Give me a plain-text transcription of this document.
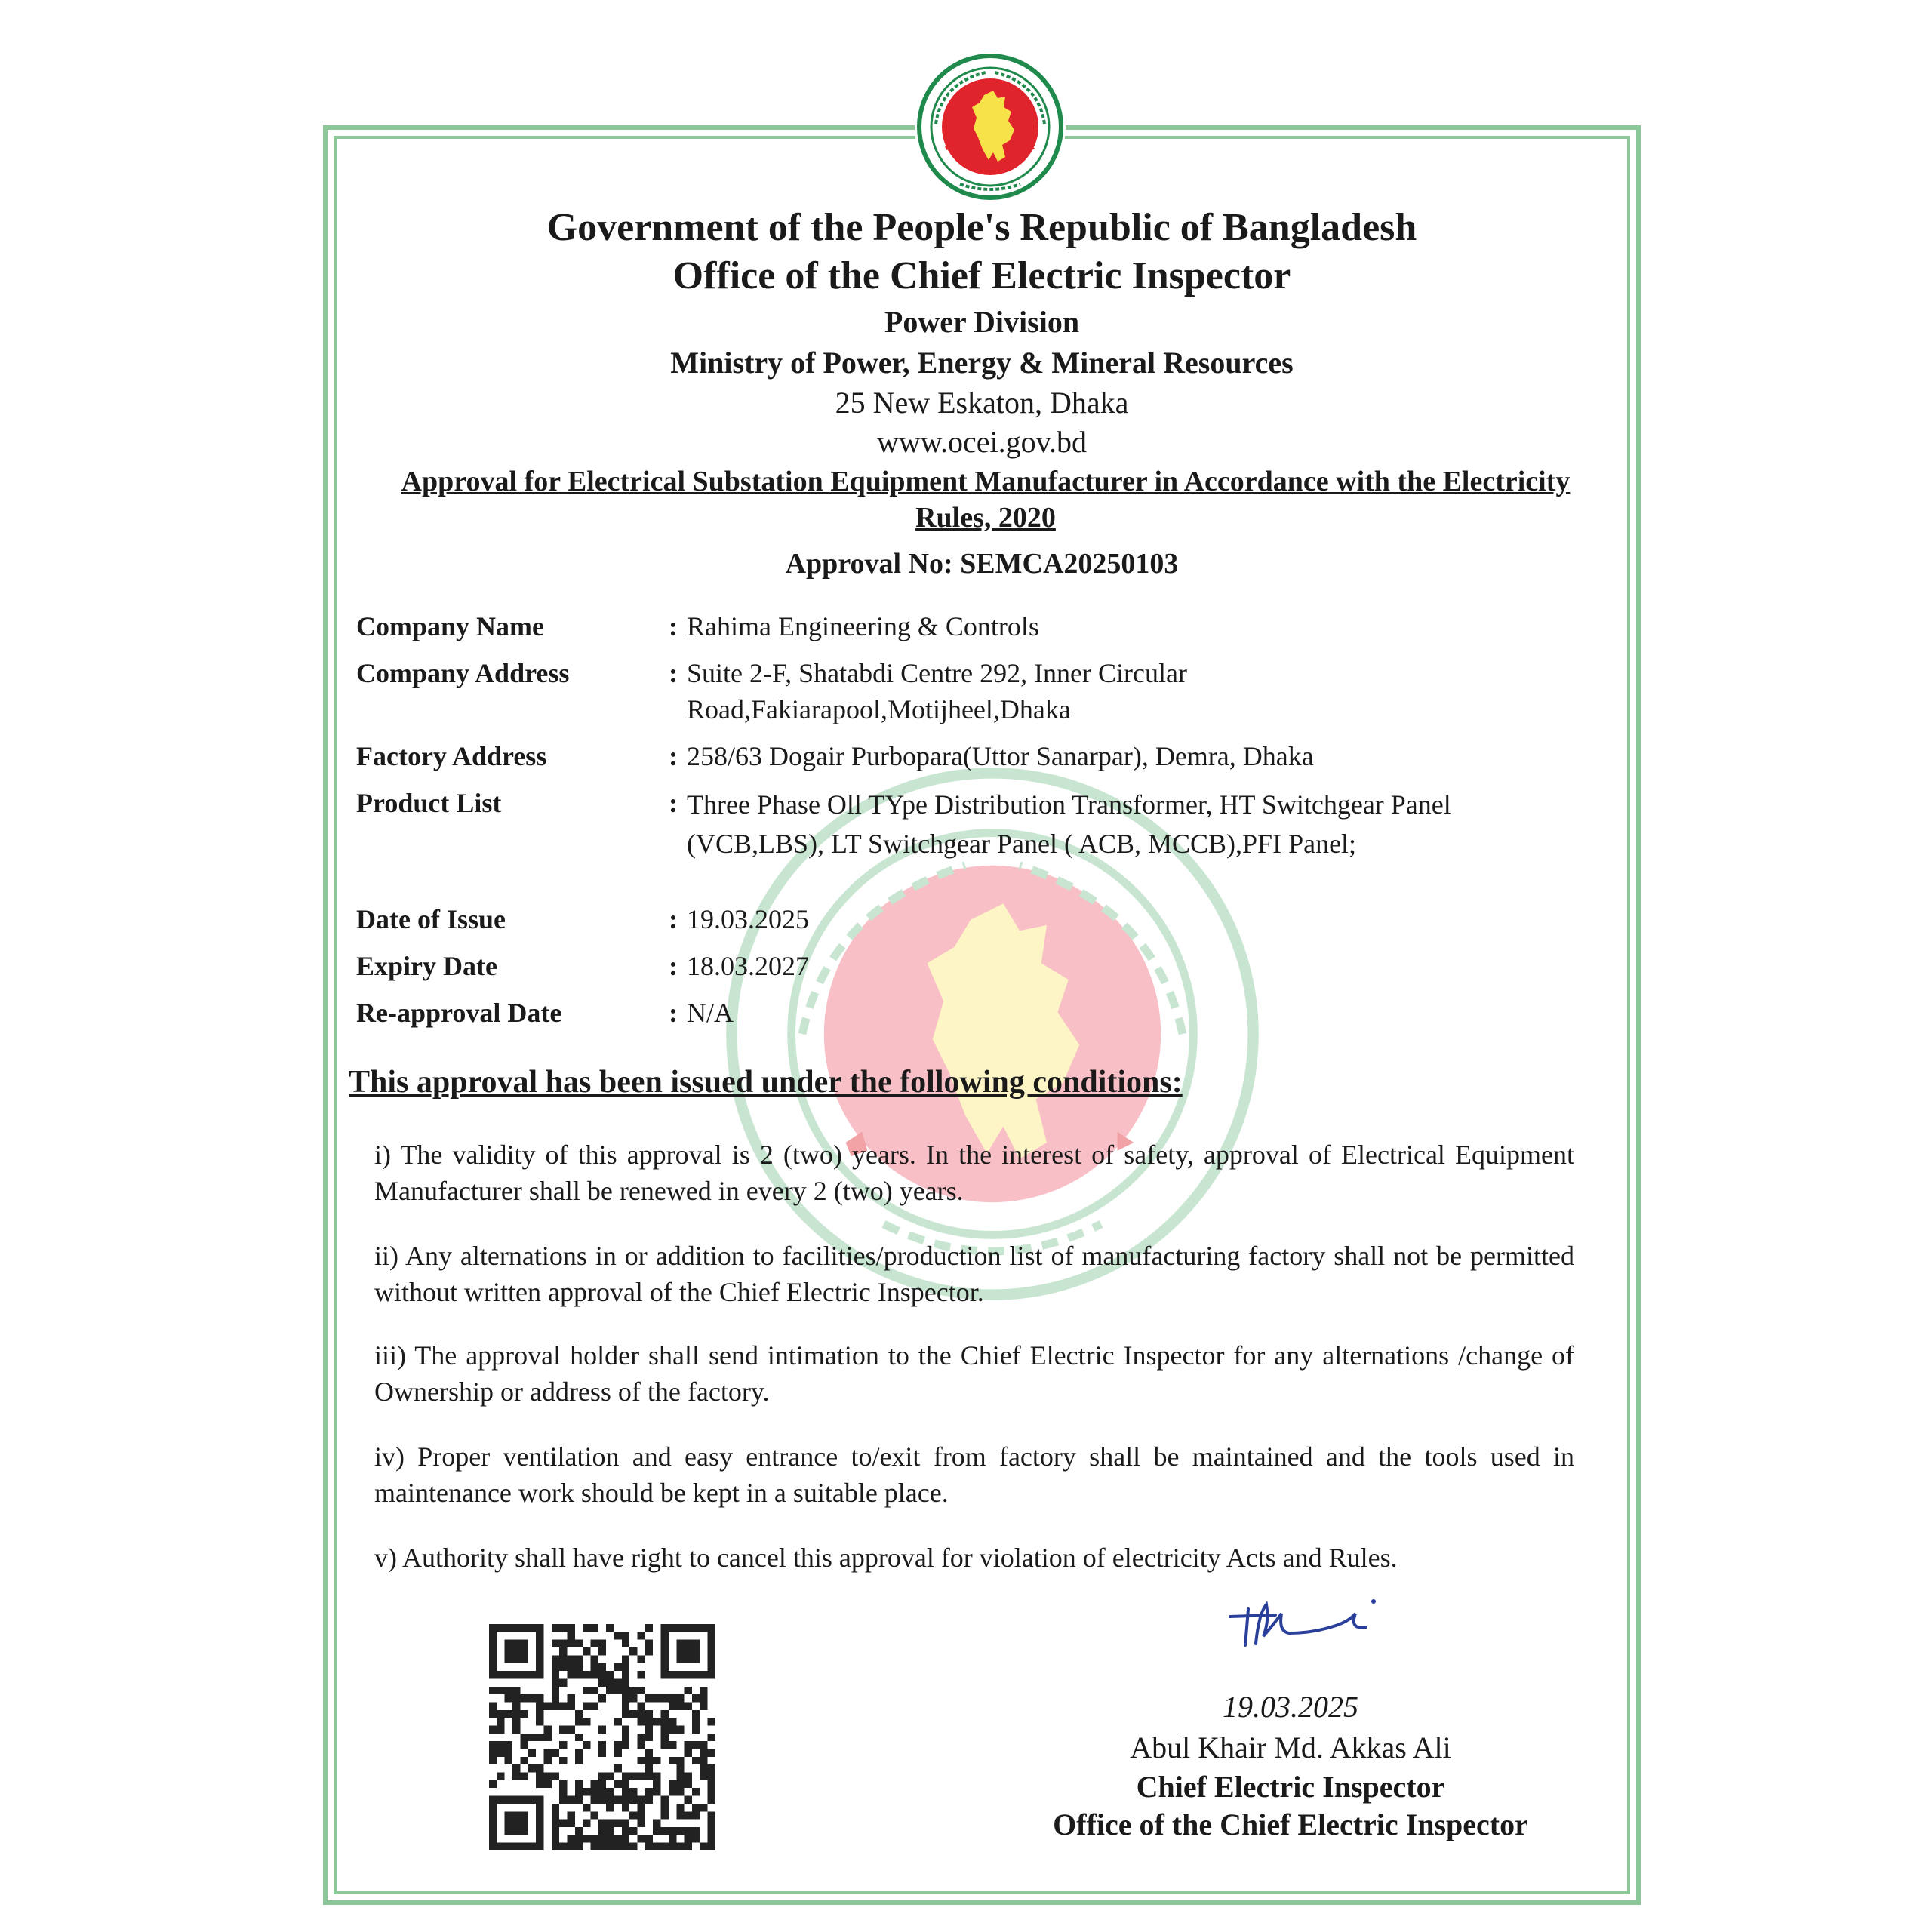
Government of the People's Republic of Bangladesh
Office of the Chief Electric Inspector
Power Division
Ministry of Power, Energy & Mineral Resources
25 New Eskaton, Dhaka
www.ocei.gov.bd
Approval for Electrical Substation Equipment Manufacturer in Accordance with the Electricity Rules, 2020
Approval No: SEMCA20250103
Company Name	: Rahima Engineering & Controls
Company Address	: Suite 2-F, Shatabdi Centre 292, Inner Circular Road,Fakiarapool,Motijheel,Dhaka
Factory Address	: 258/63 Dogair Purbopara(Uttor Sanarpar), Demra, Dhaka
Product List	: Three Phase Oll TYpe Distribution Transformer, HT Switchgear Panel (VCB,LBS), LT Switchgear Panel ( ACB, MCCB),PFI Panel;
Date of Issue	: 19.03.2025
Expiry Date	: 18.03.2027
Re-approval Date	: N/A
This approval has been issued under the following conditions:
i) The validity of this approval is 2 (two) years. In the interest of safety, approval of Electrical Equipment Manufacturer shall be renewed in every 2 (two) years.
ii) Any alternations in or addition to facilities/production list of manufacturing factory shall not be permitted without written approval of the Chief Electric Inspector.
iii) The approval holder shall send intimation to the Chief Electric Inspector for any alternations /change of Ownership or address of the factory.
iv) Proper ventilation and easy entrance to/exit from factory shall be maintained and the tools used in maintenance work should be kept in a suitable place.
v) Authority shall have right to cancel this approval for violation of electricity Acts and Rules.
19.03.2025
Abul Khair Md. Akkas Ali
Chief Electric Inspector
Office of the Chief Electric Inspector
